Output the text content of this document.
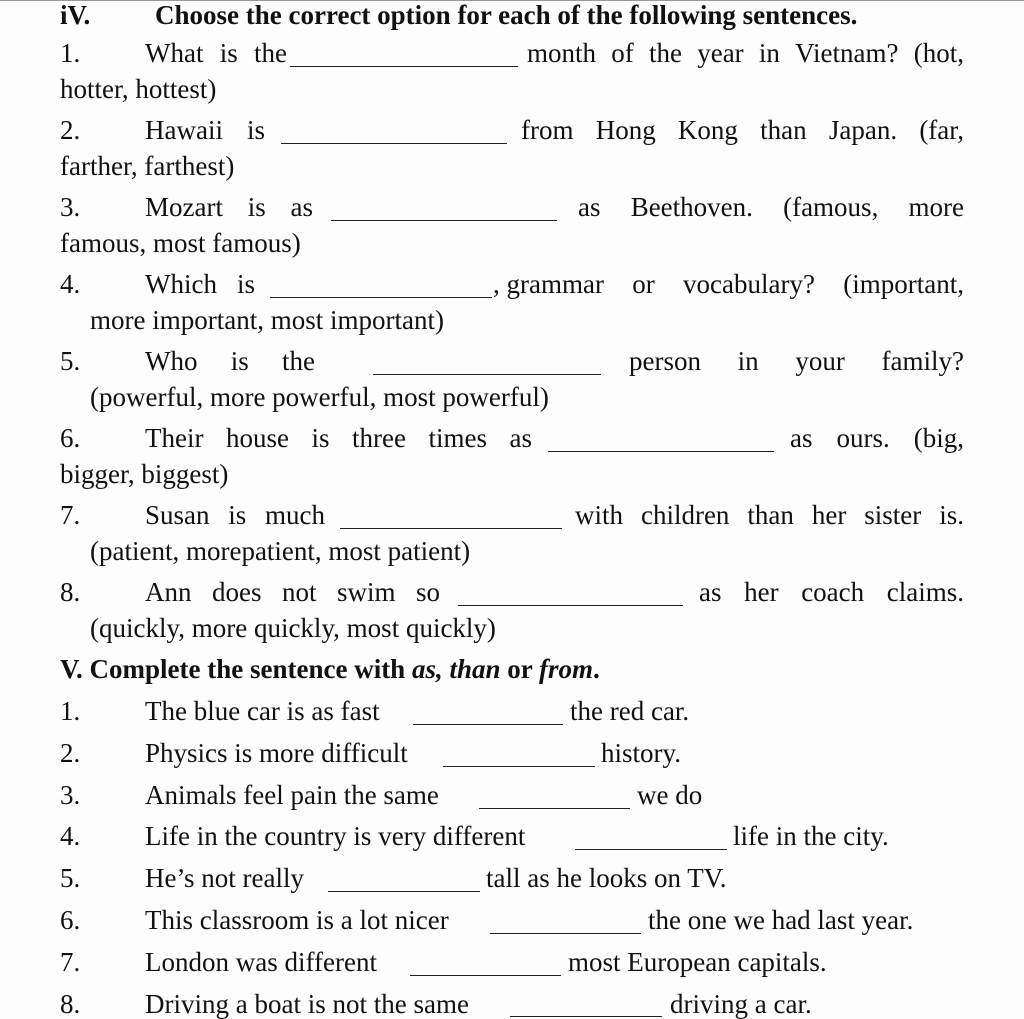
iV. Choose the correct option for each of the following sentences.
1. What is the	month of the year in Vietnam? (hot,
hotter, hottest)
2. Hawaii is	from Hong Kong than Japan. (far,
farther, farthest)
3. Mozart is as	as Beethoven. (famous, more
famous, most famous)
4. Which is	, grammar or vocabulary? (important,
more important, most important)
5. Who is the	person in your family?
(powerful, more powerful, most powerful)
6. Their house is three times as	as ours. (big,
bigger, biggest)
7. Susan is much	with children than her sister is.
(patient, morepatient, most patient)
8. Ann does not swim so	as her coach claims.
(quickly, more quickly, most quickly)
V. Complete the sentence with as, than or from.
1. The blue car is as fast	the red car.
2. Physics is more difficult	history.
3. Animals feel pain the same	we do
4. Life in the country is very different	life in the city.
5. He’s not really	tall as he looks on TV.
6. This classroom is a lot nicer	the one we had last year.
7. London was different	most European capitals.
8. Driving a boat is not the same	driving a car.
